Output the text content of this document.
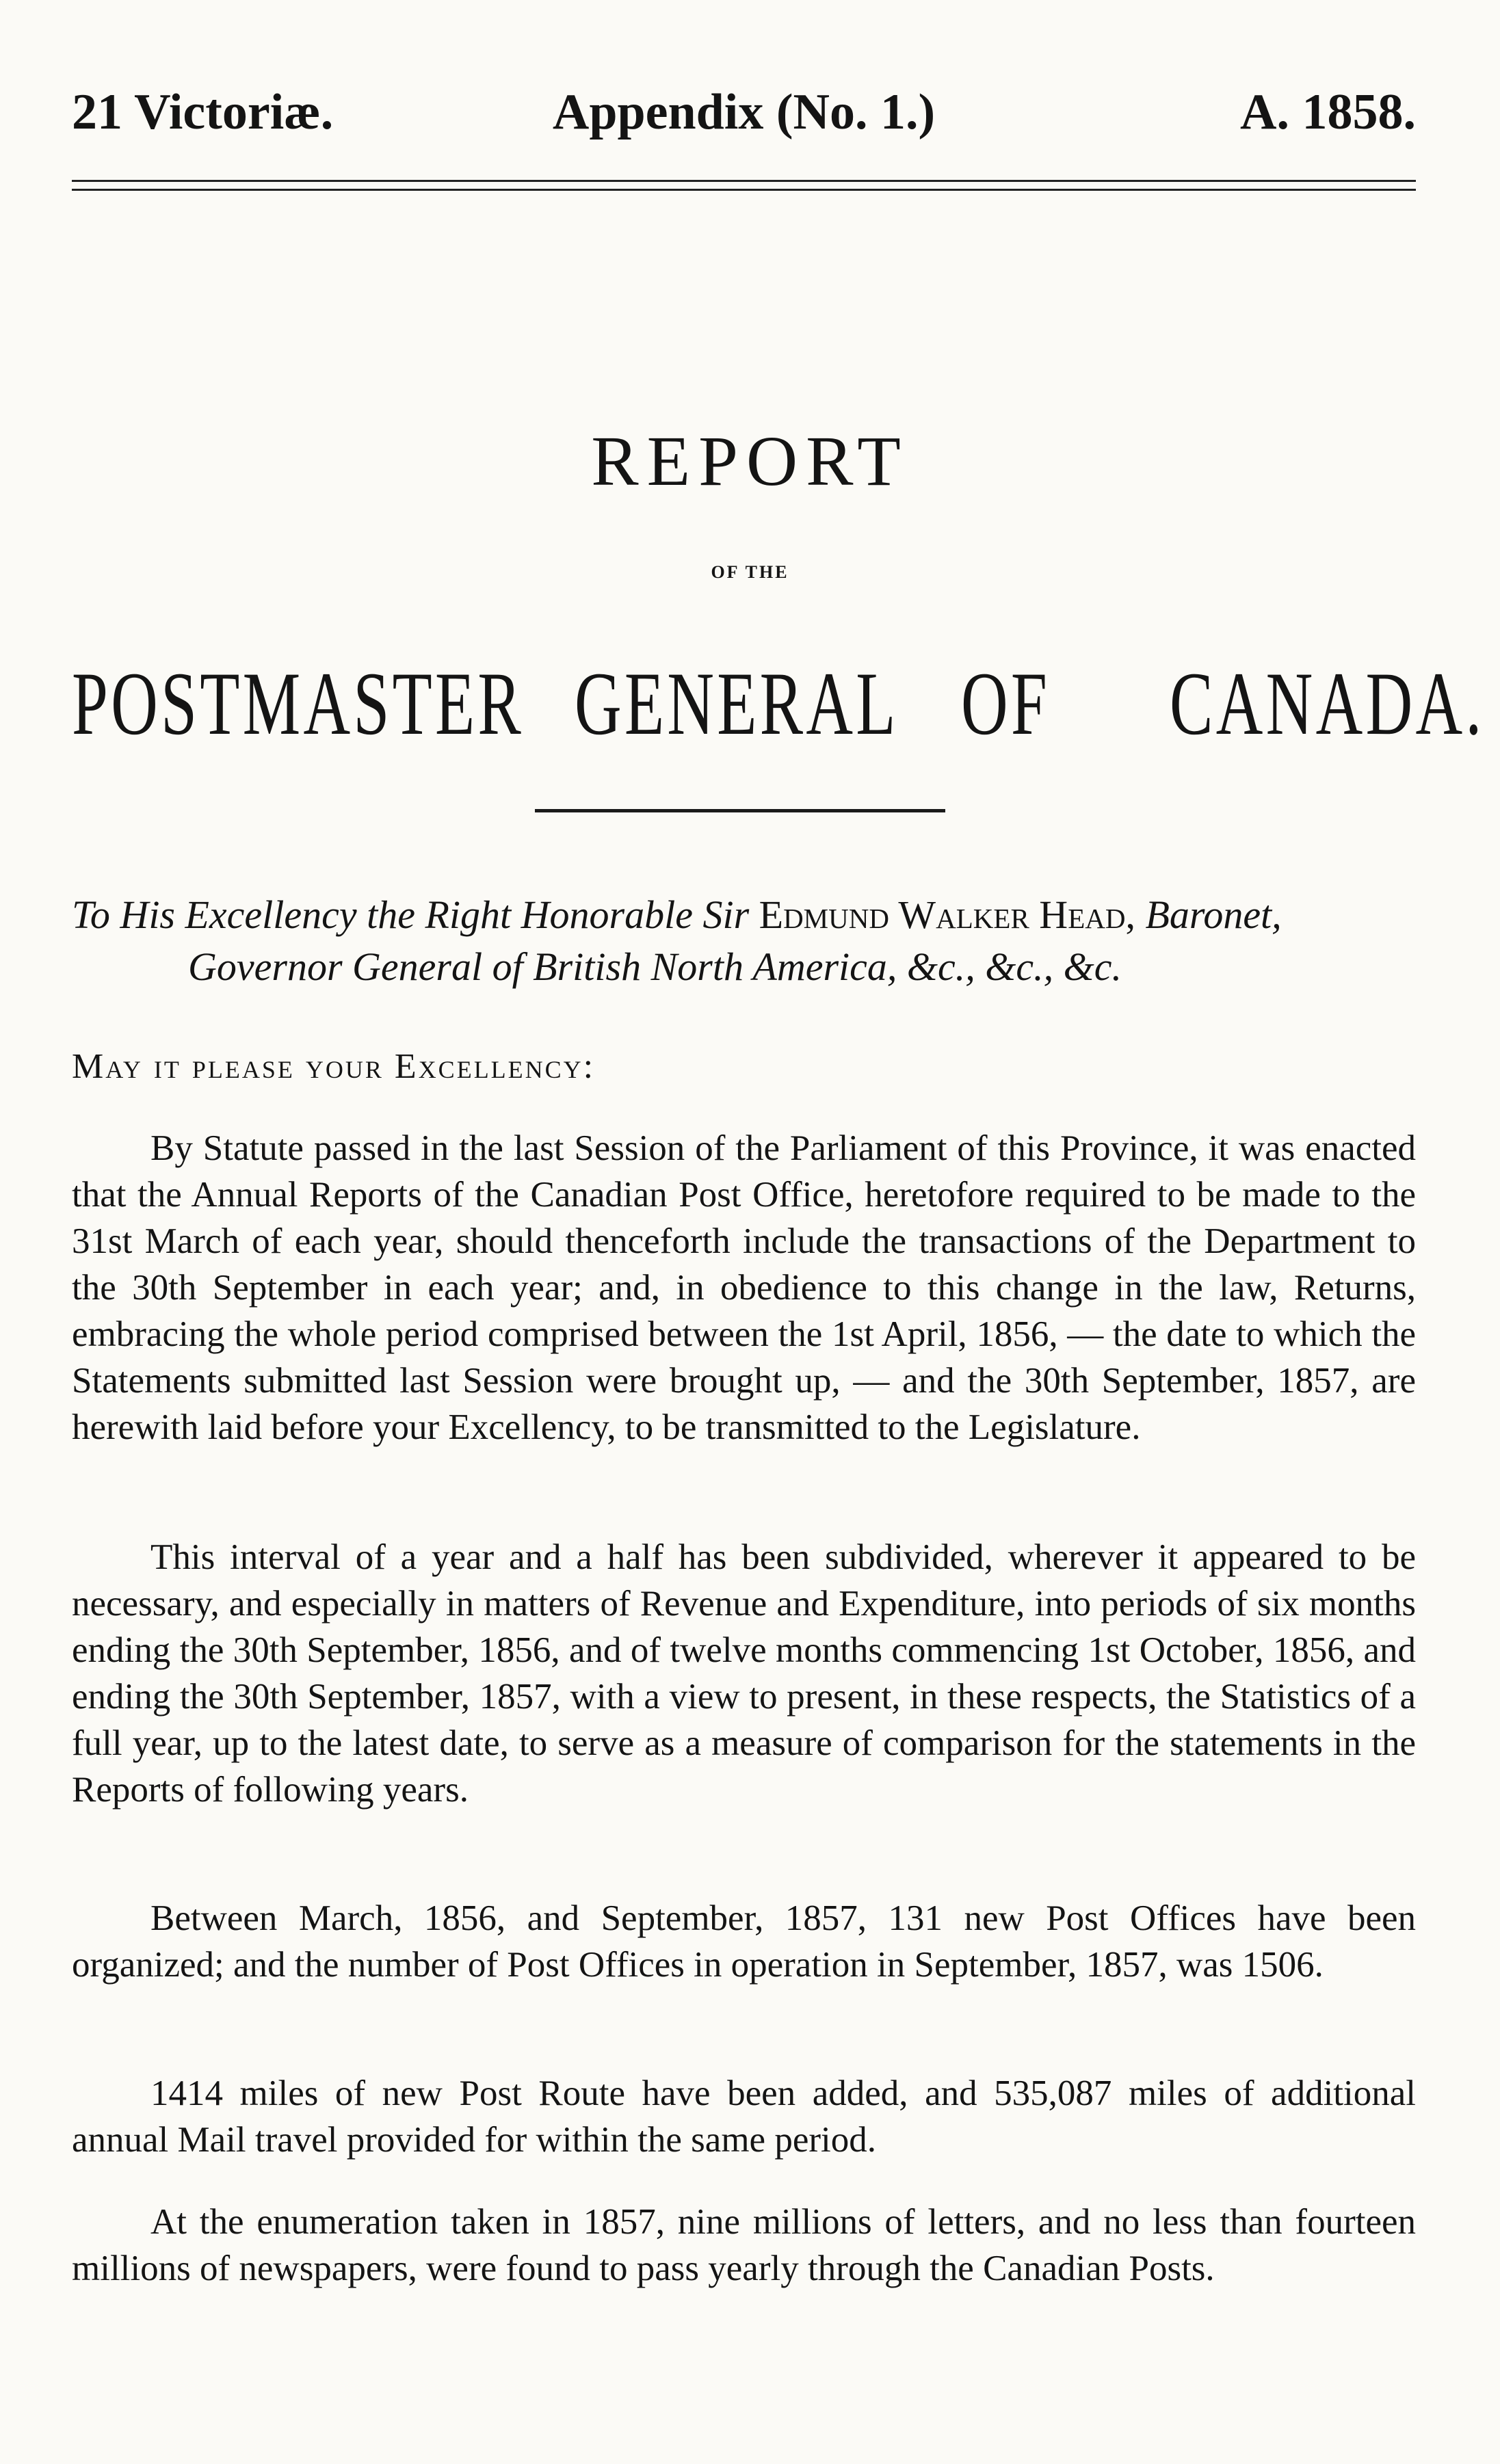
21 Victoriæ.	Appendix (No. 1.)	A. 1858.
REPORT
OF THE
POSTMASTER GENERAL OF CANADA.
To His Excellency the Right Honorable Sir Edmund Walker Head, Baronet,
Governor General of British North America, &c., &c., &c.
May it please your Excellency:

By Statute passed in the last Session of the Parliament of this Province, it was enacted that the Annual Reports of the Canadian Post Office, heretofore required to be made to the 31st March of each year, should thenceforth include the transactions of the Department to the 30th September in each year; and, in obedience to this change in the law, Returns, embracing the whole period comprised between the 1st April, 1856, — the date to which the Statements submitted last Session were brought up, — and the 30th September, 1857, are herewith laid before your Excellency, to be transmitted to the Legislature.

This interval of a year and a half has been subdivided, wherever it appeared to be necessary, and especially in matters of Revenue and Expenditure, into periods of six months ending the 30th September, 1856, and of twelve months commencing 1st October, 1856, and ending the 30th September, 1857, with a view to present, in these respects, the Statistics of a full year, up to the latest date, to serve as a measure of comparison for the statements in the Reports of following years.

Between March, 1856, and September, 1857, 131 new Post Offices have been organized; and the number of Post Offices in operation in September, 1857, was 1506.

1414 miles of new Post Route have been added, and 535,087 miles of additional annual Mail travel provided for within the same period.

At the enumeration taken in 1857, nine millions of letters, and no less than fourteen millions of newspapers, were found to pass yearly through the Canadian Posts.
